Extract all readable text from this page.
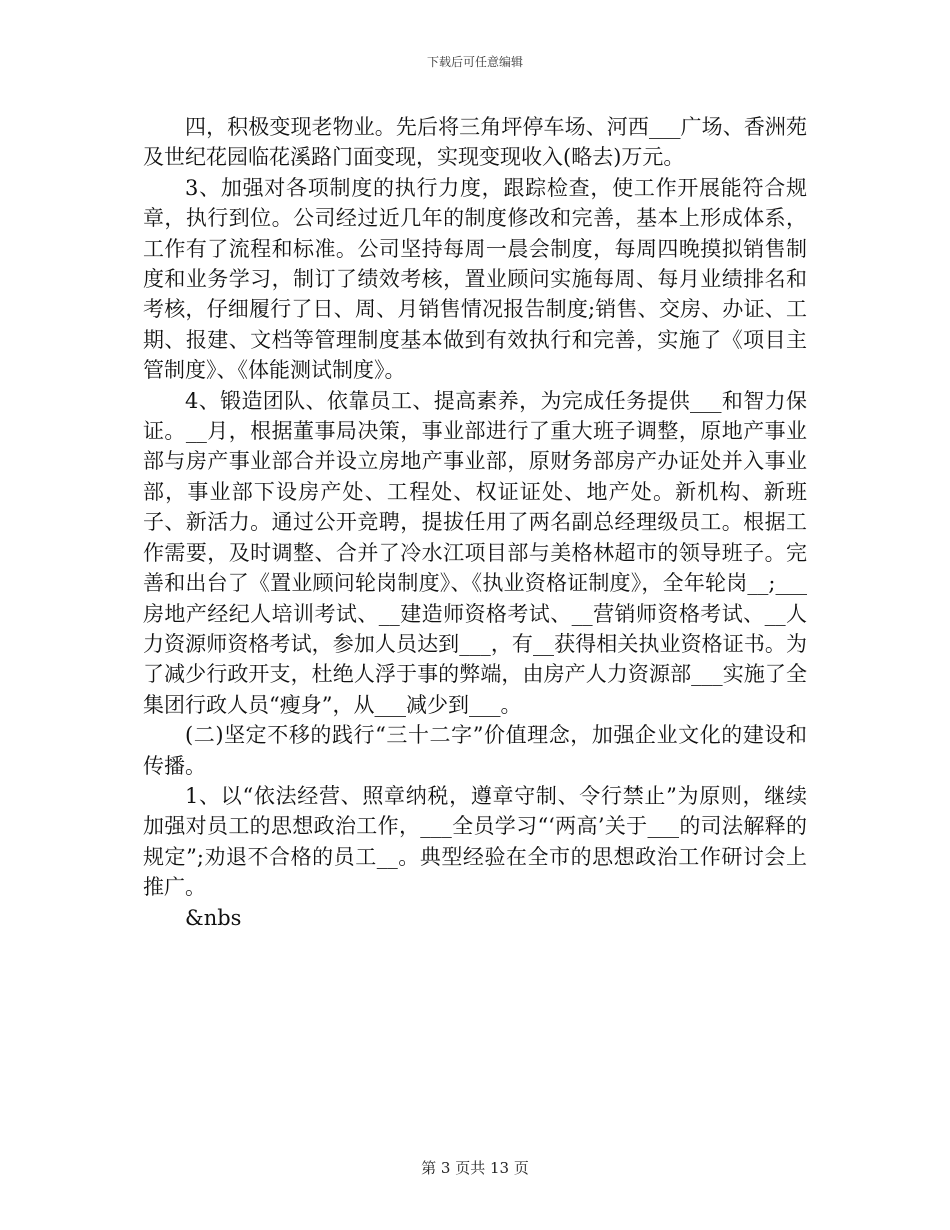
下载后可任意编辑

四，积极变现老物业。先后将三角坪停车场、河西___广场、香洲苑及世纪花园临花溪路门面变现，实现变现收入(略去)万元。

3、加强对各项制度的执行力度，跟踪检查，使工作开展能符合规章，执行到位。公司经过近几年的制度修改和完善，基本上形成体系，工作有了流程和标准。公司坚持每周一晨会制度，每周四晚摸拟销售制度和业务学习，制订了绩效考核，置业顾问实施每周、每月业绩排名和考核，仔细履行了日、周、月销售情况报告制度;销售、交房、办证、工期、报建、文档等管理制度基本做到有效执行和完善，实施了《项目主管制度》、《体能测试制度》。

4、锻造团队、依靠员工、提高素养，为完成任务提供___和智力保证。__月，根据董事局决策，事业部进行了重大班子调整，原地产事业部与房产事业部合并设立房地产事业部，原财务部房产办证处并入事业部，事业部下设房产处、工程处、权证证处、地产处。新机构、新班子、新活力。通过公开竞聘，提拔任用了两名副总经理级员工。根据工作需要，及时调整、合并了冷水江项目部与美格林超市的领导班子。完善和出台了《置业顾问轮岗制度》、《执业资格证制度》，全年轮岗__;___房地产经纪人培训考试、__建造师资格考试、__营销师资格考试、__人力资源师资格考试，参加人员达到___，有__获得相关执业资格证书。为了减少行政开支，杜绝人浮于事的弊端，由房产人力资源部___实施了全集团行政人员“瘦身”，从___减少到___。

(二)坚定不移的践行“三十二字”价值理念，加强企业文化的建设和传播。

1、以“依法经营、照章纳税，遵章守制、令行禁止”为原则，继续加强对员工的思想政治工作，___全员学习“‘两高’关于___的司法解释的规定”;劝退不合格的员工__。典型经验在全市的思想政治工作研讨会上推广。

&nbs

第 3 页共 13 页
